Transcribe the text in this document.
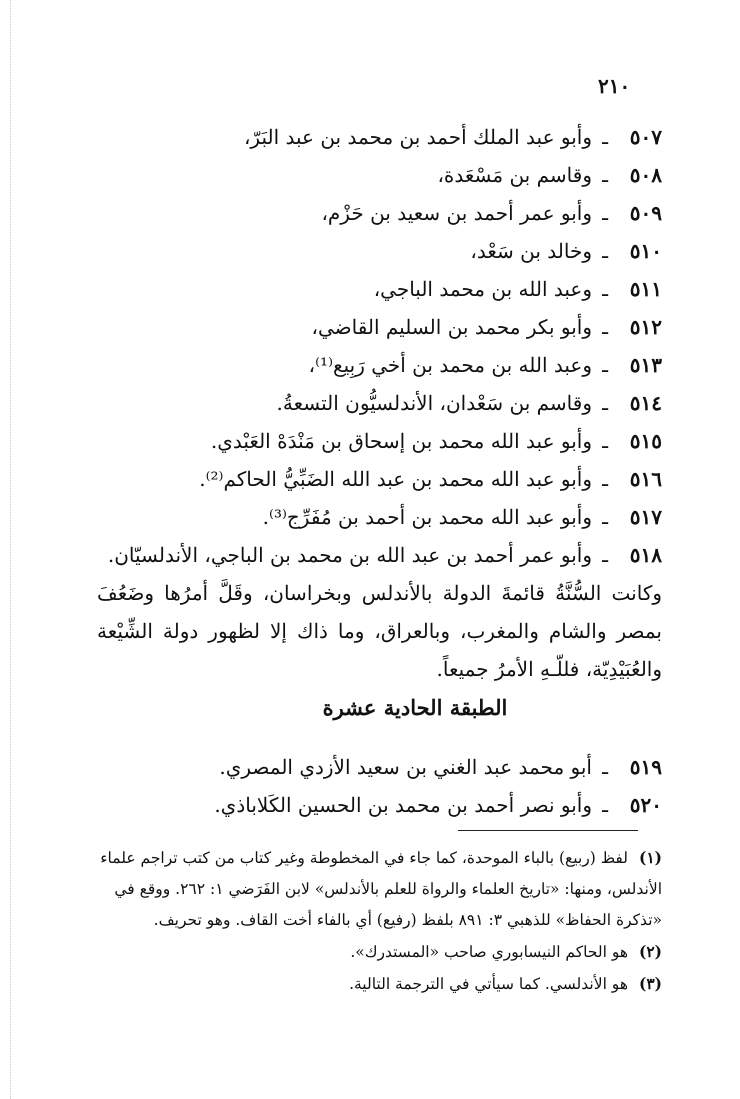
٢١٠
٥٠٧ـوأبو عبد الملك أحمد بن محمد بن عبد البَرّ،
٥٠٨ـوقاسم بن مَسْعَدة،
٥٠٩ـوأبو عمر أحمد بن سعيد بن حَزْم،
٥١٠ـوخالد بن سَعْد،
٥١١ـوعبد الله بن محمد الباجي،
٥١٢ـوأبو بكر محمد بن السليم القاضي،
٥١٣ـوعبد الله بن محمد بن أخي رَبِيع⁽¹⁾،
٥١٤ـوقاسم بن سَعْدان، الأندلسيُّون التسعةُ.
٥١٥ـوأبو عبد الله محمد بن إسحاق بن مَنْدَهْ العَبْدي.
٥١٦ـوأبو عبد الله محمد بن عبد الله الضَبِّيُّ الحاكم⁽²⁾.
٥١٧ـوأبو عبد الله محمد بن أحمد بن مُفَرِّج⁽³⁾.
٥١٨ـوأبو عمر أحمد بن عبد الله بن محمد بن الباجي، الأندلسيّان.
وكانت السُّنَّةُ قائمةَ الدولة بالأندلس وبخراسان، وقَلَّ أمرُها وضَعُفَ بمصر والشام والمغرب، وبالعراق، وما ذاك إلا لظهور دولة الشِّيْعة والعُبَيْدِيّة، فللّـهِ الأمرُ جميعاً.
الطبقة الحادية عشرة
٥١٩ـأبو محمد عبد الغني بن سعيد الأزدي المصري.
٥٢٠ـوأبو نصر أحمد بن محمد بن الحسين الكَلاباذي.

(١)لفظ (ربيع) بالباء الموحدة، كما جاء في المخطوطة وغير كتاب من كتب تراجم علماء الأندلس، ومنها: «تاريخ العلماء والرواة للعلم بالأندلس» لابن الفَرَضي ١: ٢٦٢. ووقع في «تذكرة الحفاظ» للذهبي ٣: ٨٩١ بلفظ (رفيع) أي بالفاء أخت القاف. وهو تحريف.

(٢)هو الحاكم النيسابوري صاحب «المستدرك».

(٣)هو الأندلسي. كما سيأتي في الترجمة التالية.
